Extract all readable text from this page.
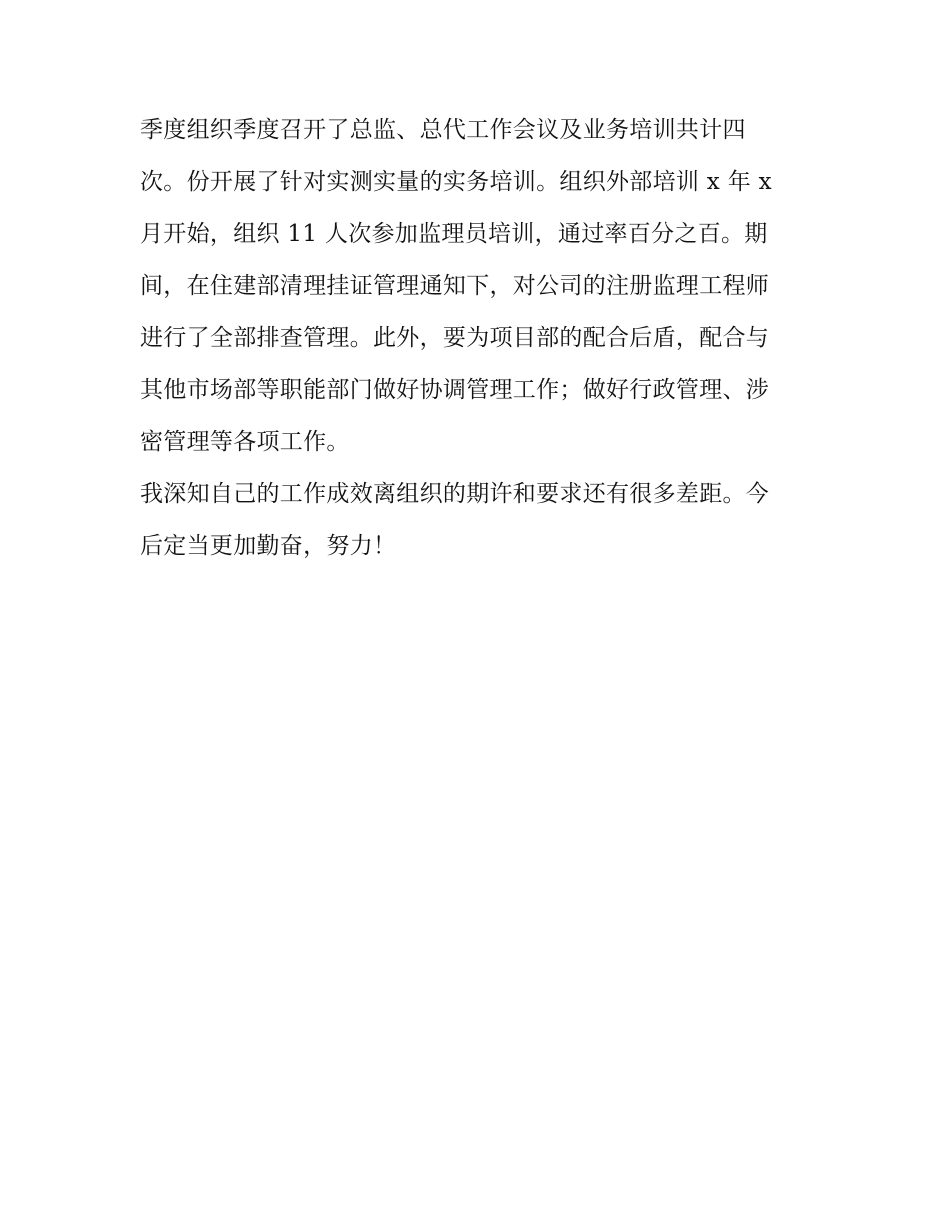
季度组织季度召开了总监、总代工作会议及业务培训共计四
次。份开展了针对实测实量的实务培训。组织外部培训 x 年 x
月开始，组织 11 人次参加监理员培训，通过率百分之百。期
间，在住建部清理挂证管理通知下，对公司的注册监理工程师
进行了全部排查管理。此外，要为项目部的配合后盾，配合与
其他市场部等职能部门做好协调管理工作；做好行政管理、涉
密管理等各项工作。
我深知自己的工作成效离组织的期许和要求还有很多差距。今
后定当更加勤奋，努力！
